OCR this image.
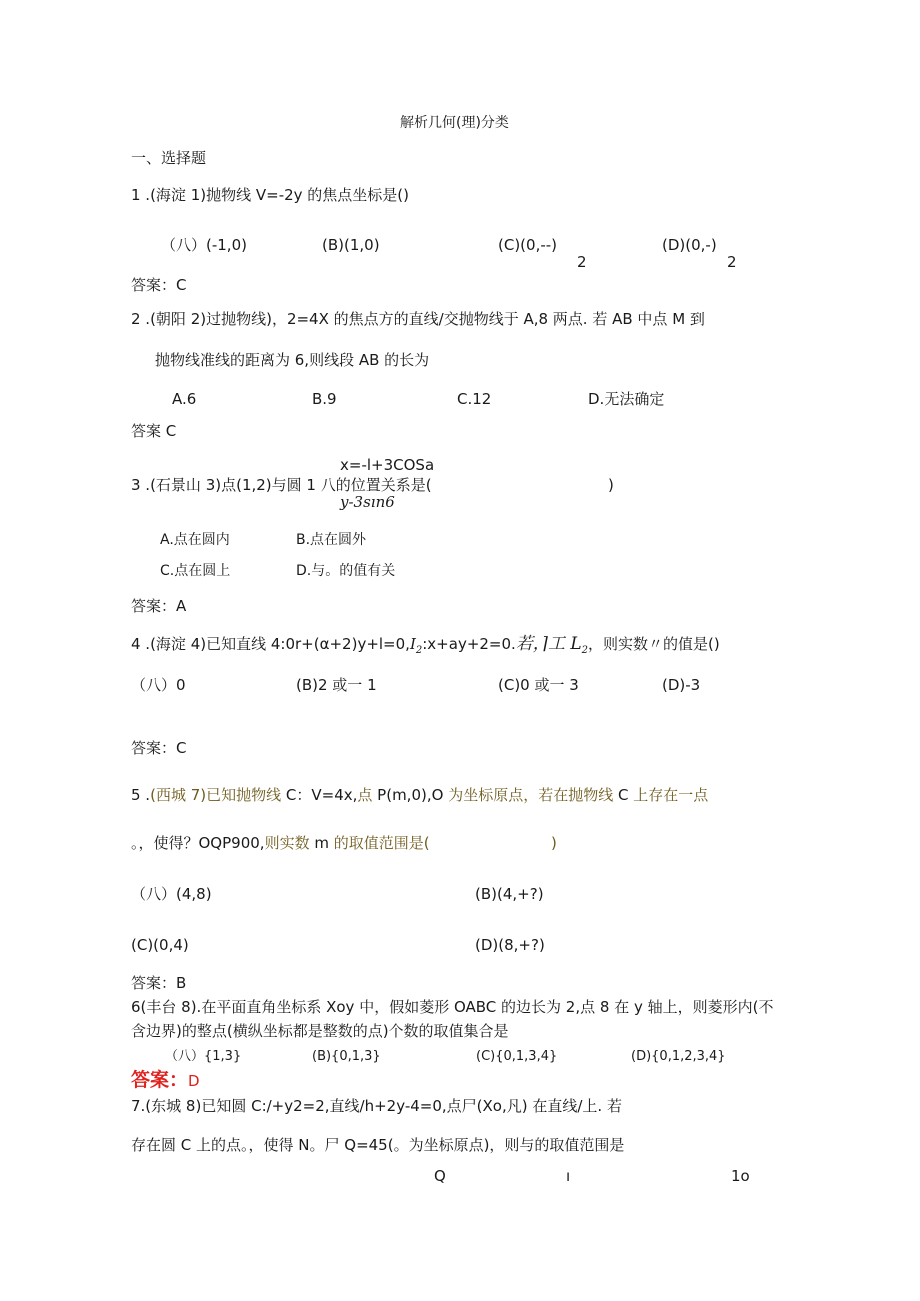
解析几何(理)分类
一、选择题
1 .(海淀 1)抛物线 V=-2y 的焦点坐标是()
（八）(-1,0)	(B)(1,0)	(C)(0,--)
2
(D)(0,-)
2
答案：C
2 .(朝阳 2)过抛物线)，2=4X 的焦点方的直线/交抛物线于 A,8 两点. 若 AB 中点 M 到
抛物线准线的距离为 6,则线段 AB 的长为
A.6	B.9	C.12	D.无法确定
答案 C
x=-l+3COSa
3 .(石景山 3)点(1,2)与圆 1 八的位置关系是(	)
y-3sın6
A.点在圆内	B.点在圆外
C.点在圆上	D.与。的值有关
答案：A
4 .(海淀 4)已知直线 $4:0r+(\alpha+2)y+l=0,I_2:x+ay+2=0$.若，⌉工 $L_2$，则实数〃的值是()
（八）0	(B)2 或一 1	(C)0 或一 3	(D)-3
答案：C
5 .(西城 7)已知抛物线 C：V=4x,点 P(m,0),O 为坐标原点，若在抛物线 C 上存在一点
。，使得？OQP900,则实数 m 的取值范围是(	)
（八）(4,8)	(B)(4,+?)
(C)(0,4)	(D)(8,+?)
答案：B
6(丰台 8).在平面直角坐标系 Xoy 中，假如菱形 OABC 的边长为 2,点 8 在 y 轴上，则菱形内(不
含边界)的整点(横纵坐标都是整数的点)个数的取值集合是
（八）{1,3}	(B){0,1,3}	(C){0,1,3,4}	(D){0,1,2,3,4}
答案：D
7.(东城 8)已知圆 C:/+y2=2,直线∕h+2y-4=0,点尸(Xo,凡) 在直线/上. 若
存在圆 C 上的点。，使得 N。尸 Q=45(。为坐标原点)，则与的取值范围是
Q	ı	1o
